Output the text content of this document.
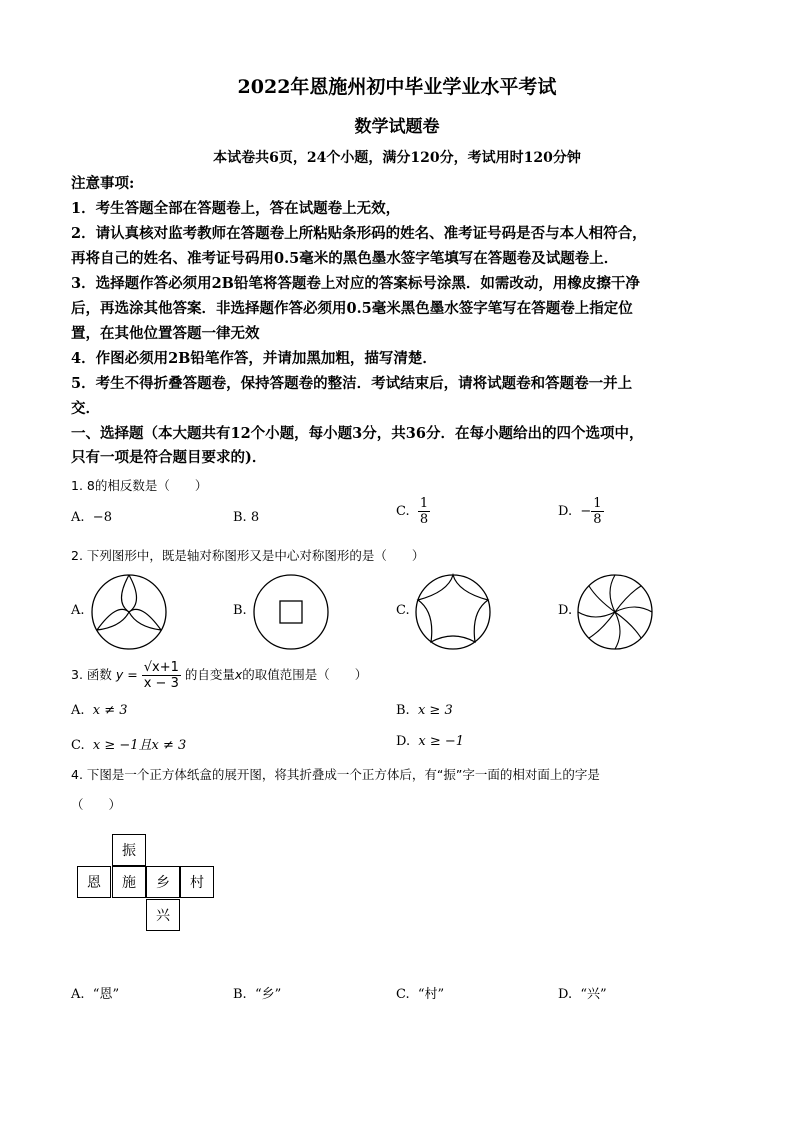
2022年恩施州初中毕业学业水平考试
数学试题卷
本试卷共6页，24个小题，满分120分，考试用时120分钟
注意事项:
1．考生答题全部在答题卷上，答在试题卷上无效，
2．请认真核对监考教师在答题卷上所粘贴条形码的姓名、准考证号码是否与本人相符合，
再将自己的姓名、准考证号码用0.5毫米的黑色墨水签字笔填写在答题卷及试题卷上．
3．选择题作答必须用2B铅笔将答题卷上对应的答案标号涂黑．如需改动，用橡皮擦干净
后，再选涂其他答案．非选择题作答必须用0.5毫米黑色墨水签字笔写在答题卷上指定位
置，在其他位置答题一律无效
4．作图必须用2B铅笔作答，并请加黑加粗，描写清楚．
5．考生不得折叠答题卷，保持答题卷的整洁．考试结束后，请将试题卷和答题卷一并上
交．
一、选择题（本大题共有12个小题，每小题3分，共36分．在每小题给出的四个选项中，
只有一项是符合题目要求的)．
1. 8的相反数是（　　）
A. −8	B. 8	C. $\frac{1}{8}$	D. − $\frac{1}{8}$
2. 下列图形中，既是轴对称图形又是中心对称图形的是（　　）
A.	B.	C.	D.
3. 函数 $y = \frac{√x+1}{x - 3}$ 的自变量x的取值范围是（　　）
A. x ≠ 3	B. x ≥ 3
C. x ≥ −1且x ≠ 3	D. x ≥ −1
4. 下图是一个正方体纸盒的展开图，将其折叠成一个正方体后，有“振”字一面的相对面上的字是
（　　）
振
恩	施	乡	村
兴
A. “恩”	B. “乡”	C. “村”	D. “兴”
